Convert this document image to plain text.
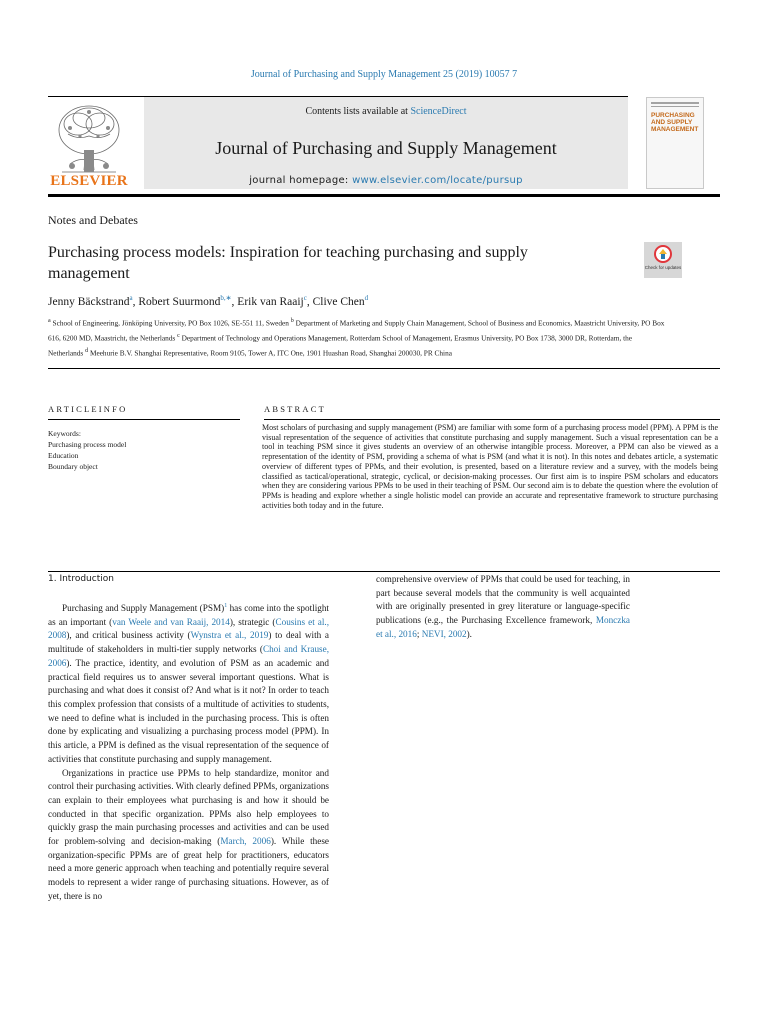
Journal of Purchasing and Supply Management 25 (2019) 10057 7
ELSEVIER
Contents lists available at ScienceDirect
Journal of Purchasing and Supply Management
journal homepage: www.elsevier.com/locate/pursup
PURCHASING AND SUPPLY MANAGEMENT
Notes and Debates
Purchasing process models: Inspiration for teaching purchasing and supply management	Check for updates
Jenny Bäckstrand$^a$, Robert Suurmond$^{b,∗}$, Erik van Raaij$^c$, Clive Chen$^d$
$^a$ School of Engineering, Jönköping University, PO Box 1026, SE-551 11, Sweden $^b$ Department of Marketing and Supply Chain Management, School of Business and Economics, Maastricht University, PO Box 616, 6200 MD, Maastricht, the Netherlands $^c$ Department of Technology and Operations Management, Rotterdam School of Management, Erasmus University, PO Box 1738, 3000 DR, Rotterdam, the Netherlands $^d$ Meehurie B.V. Shanghai Representative, Room 9105, Tower A, ITC One, 1901 Huashan Road, Shanghai 200030, PR China
ARTICLEINFO	ABSTRACT
Keywords:
Purchasing process model
Education
Boundary object
Most scholars of purchasing and supply management (PSM) are familiar with some form of a purchasing process model (PPM). A PPM is the visual representation of the sequence of activities that constitute purchasing and supply management. Such a visual representation can be a tool in teaching PSM since it gives students an overview of an otherwise intangible process. Moreover, a PPM can also be viewed as a representation of the identity of PSM, providing a schema of what is PSM (and what it is not). In this notes and debates article, a systematic overview of different types of PPMs, and their evolution, is presented, based on a literature review and a survey, with the models being classified as tactical/operational, strategic, cyclical, or decision-making processes. Our first aim is to inspire PSM scholars and educators when they are considering various PPMs to be used in their teaching of PSM. Our second aim is to debate the question where the evolution of PPMs is heading and explore whether a single holistic model can provide an accurate and representative framework to structure purchasing activities both today and in the future.
1. Introduction

Purchasing and Supply Management (PSM)$^1$ has come into the spotlight as an important (van Weele and van Raaij, 2014), strategic (Cousins et al., 2008), and critical business activity (Wynstra et al., 2019) to deal with a multitude of stakeholders in multi-tier supply networks (Choi and Krause, 2006). The practice, identity, and evolution of PSM as an academic and practical field requires us to answer several important questions. What is purchasing and what does it consist of? And what is it not? In order to teach this complex profession that consists of a multitude of activities to students, we need to define what is included in the purchasing process. This is often done by explicating and visualizing a purchasing process model (PPM). In this article, a PPM is defined as the visual representation of the sequence of activities that constitute purchasing and supply management.

Organizations in practice use PPMs to help standardize, monitor and control their purchasing activities. With clearly defined PPMs, organizations can explain to their employees what purchasing is and how it should be conducted in that specific organization. PPMs also help employees to quickly grasp the main purchasing processes and activities and can be used for problem-solving and decision-making (March, 2006). While these organization-specific PPMs are of great help for practitioners, educators need a more generic approach when teaching and potentially require several models to represent a wider range of purchasing situations. However, as of yet, there is no

comprehensive overview of PPMs that could be used for teaching, in part because several models that the community is well acquainted with are originally presented in grey literature or language-specific publications (e.g., the Purchasing Excellence framework, Monczka et al., 2016; NEVI, 2002).
